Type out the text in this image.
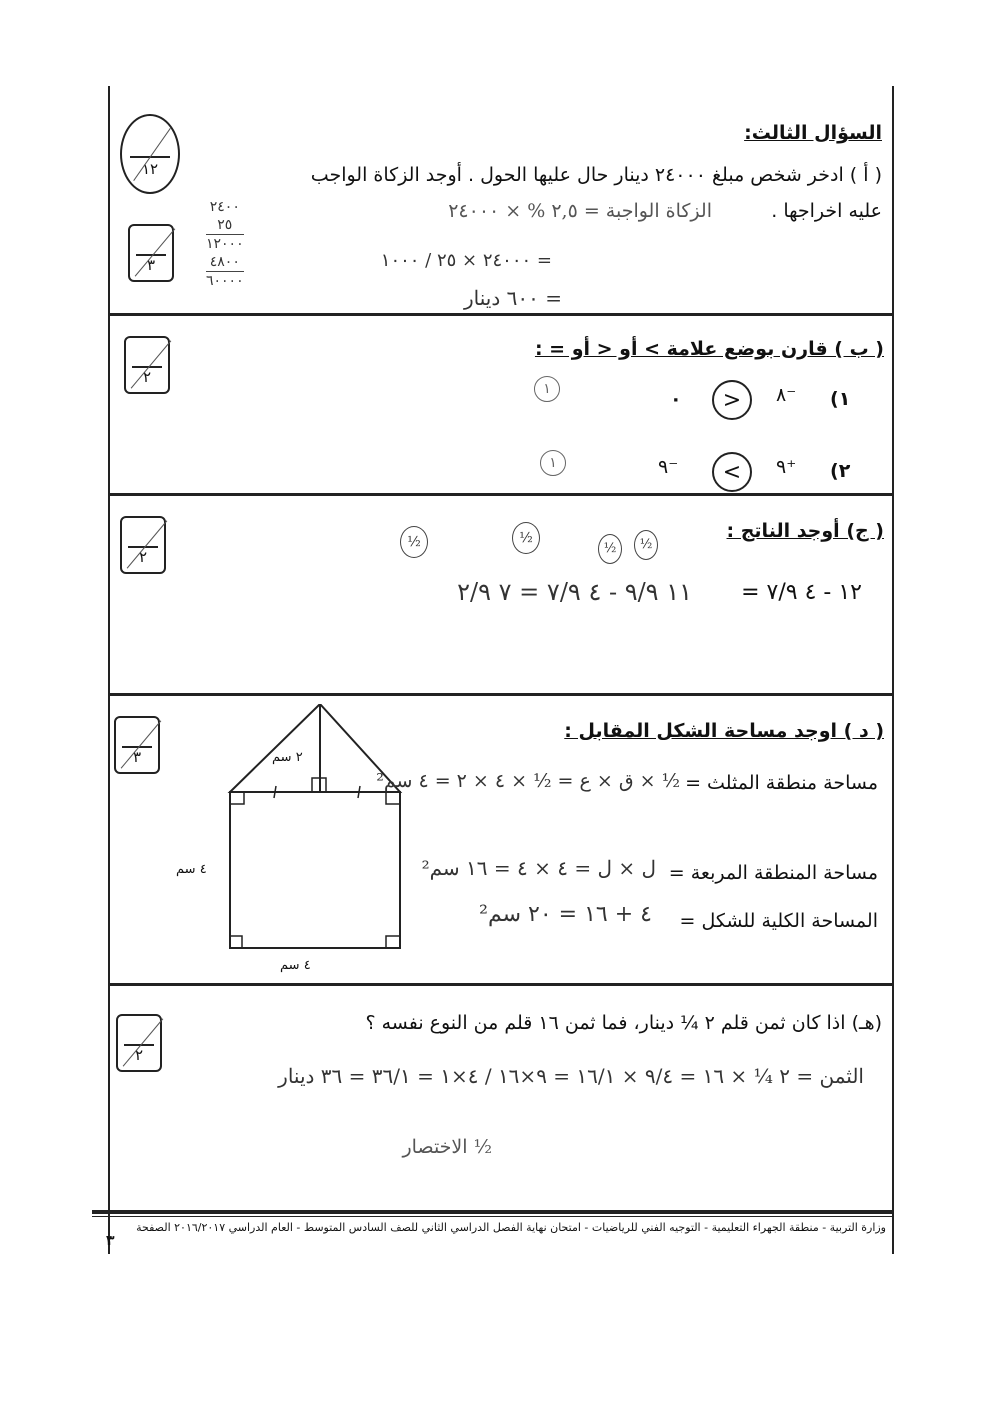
السؤال الثالث:
١٢	( أ ) ادخر شخص مبلغ ٢٤٠٠٠ دينار حال عليها الحول . أوجد الزكاة الواجب
عليه اخراجها .
٣
الزكاة الواجبة = ٢,٥ % × ٢٤٠٠٠
= ٢٤٠٠٠ × ٢٥ / ١٠٠٠
= ٦٠٠ دينار
٢٤٠٠
٢٥
١٢٠٠٠
٤٨٠٠
٦٠٠٠٠
( ب ) قارن بوضع علامة > أو < أو = :
٢
٠	>	٨⁻ ١)
٩⁻	<	٩⁺ ٢)
١
١
( ج) أوجد الناتج :
٢
١٢ - ٤ ٧/٩ =
١١ ٩/٩ - ٤ ٧/٩ = ٧ ٢/٩
½	½
½	½
( د ) اوجد مساحة الشكل المقابل :
٣	٢ سم
٤ سم
٤ سم
مساحة منطقة المثلث =
½ × ق × ع = ½ × ٤ × ٢ = ٤ سم²
مساحة المنطقة المربعة =
ل × ل = ٤ × ٤ = ١٦ سم²
المساحة الكلية للشكل =
٤ + ١٦ = ٢٠ سم²
(هـ) اذا كان ثمن قلم ٢ ¼ دينار، فما ثمن ١٦ قلم من النوع نفسه ؟
٢
الثمن = ٢ ¼ × ١٦ = ٩/٤ × ١٦/١ = ٩×١٦ / ٤×١ = ٣٦/١ = ٣٦ دينار
½ الاختصار
وزارة التربية - منطقة الجهراء التعليمية - التوجيه الفني للرياضيات - امتحان نهاية الفصل الدراسي الثاني للصف السادس المتوسط - العام الدراسي ٢٠١٦/٢٠١٧ الصفحة
٣
